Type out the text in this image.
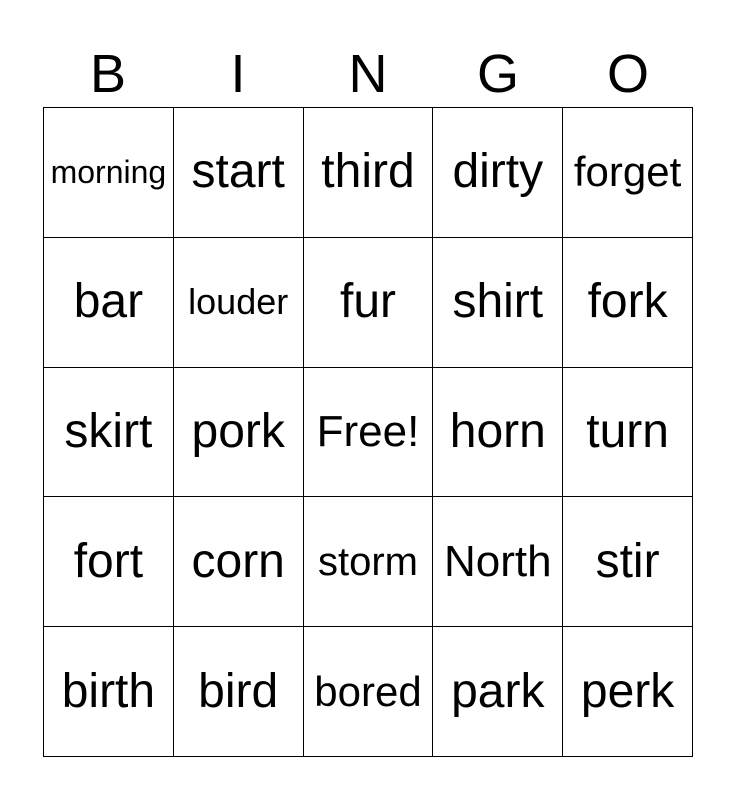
B	I	N	G	O
morning start third dirty forget
bar louder fur shirt fork
skirt pork Free! horn turn
fort corn storm North stir
birth bird bored park perk
